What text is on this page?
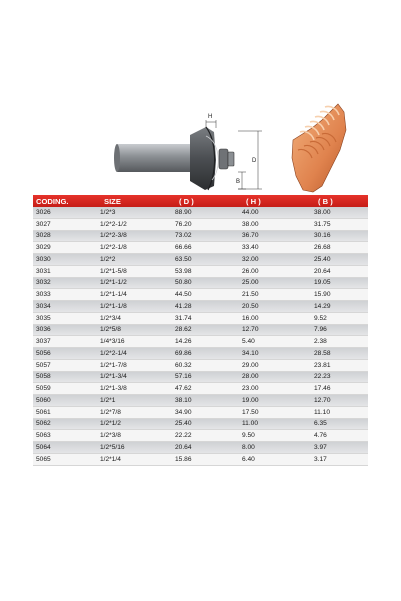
H
D
B
CODING.	SIZE	( D )	( H )	( B )
3026	1/2*3	88.90	44.00	38.00
3027	1/2*2-1/2	76.20	38.00	31.75
3028	1/2*2-3/8	73.02	36.70	30.16
3029	1/2*2-1/8	66.66	33.40	26.68
3030	1/2*2	63.50	32.00	25.40
3031	1/2*1-5/8	53.98	26.00	20.64
3032	1/2*1-1/2	50.80	25.00	19.05
3033	1/2*1-1/4	44.50	21.50	15.90
3034	1/2*1-1/8	41.28	20.50	14.29
3035	1/2*3/4	31.74	16.00	9.52
3036	1/2*5/8	28.62	12.70	7.96
3037	1/4*3/16	14.26	5.40	2.38
5056	1/2*2-1/4	69.86	34.10	28.58
5057	1/2*1-7/8	60.32	29.00	23.81
5058	1/2*1-3/4	57.16	28.00	22.23
5059	1/2*1-3/8	47.62	23.00	17.46
5060	1/2*1	38.10	19.00	12.70
5061	1/2*7/8	34.90	17.50	11.10
5062	1/2*1/2	25.40	11.00	6.35
5063	1/2*3/8	22.22	9.50	4.76
5064	1/2*5/16	20.64	8.00	3.97
5065	1/2*1/4	15.86	6.40	3.17
